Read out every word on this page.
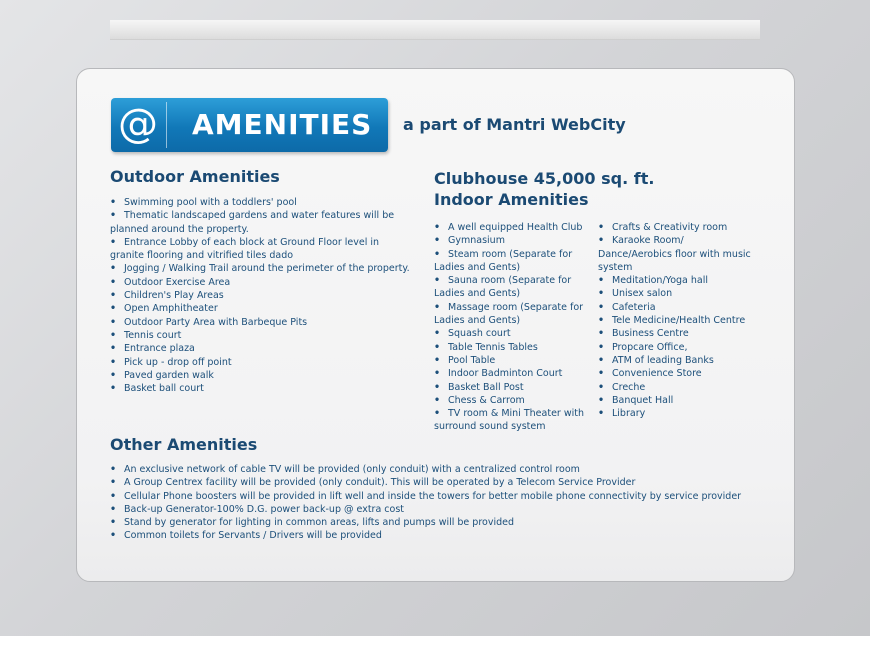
@ AMENITIES a part of Mantri WebCity
Outdoor Amenities
• Swimming pool with a toddlers' pool
• Thematic landscaped gardens and water features will be planned around the property.
• Entrance Lobby of each block at Ground Floor level in granite flooring and vitrified tiles dado
• Jogging / Walking Trail around the perimeter of the property.
• Outdoor Exercise Area
• Children's Play Areas
• Open Amphitheater
• Outdoor Party Area with Barbeque Pits
• Tennis court
• Entrance plaza
• Pick up - drop off point
• Paved garden walk
• Basket ball court
Clubhouse 45,000 sq. ft.
Indoor Amenities
• A well equipped Health Club
• Gymnasium
• Steam room (Separate for Ladies and Gents)
• Sauna room (Separate for Ladies and Gents)
• Massage room (Separate for Ladies and Gents)
• Squash court
• Table Tennis Tables
• Pool Table
• Indoor Badminton Court
• Basket Ball Post
• Chess & Carrom
• TV room & Mini Theater with surround sound system
• Crafts & Creativity room
• Karaoke Room/ Dance/Aerobics floor with music system
• Meditation/Yoga hall
• Unisex salon
• Cafeteria
• Tele Medicine/Health Centre
• Business Centre
• Propcare Office,
• ATM of leading Banks
• Convenience Store
• Creche
• Banquet Hall
• Library
Other Amenities
• An exclusive network of cable TV will be provided (only conduit) with a centralized control room
• A Group Centrex facility will be provided (only conduit). This will be operated by a Telecom Service Provider
• Cellular Phone boosters will be provided in lift well and inside the towers for better mobile phone connectivity by service provider
• Back-up Generator-100% D.G. power back-up @ extra cost
• Stand by generator for lighting in common areas, lifts and pumps will be provided
• Common toilets for Servants / Drivers will be provided
